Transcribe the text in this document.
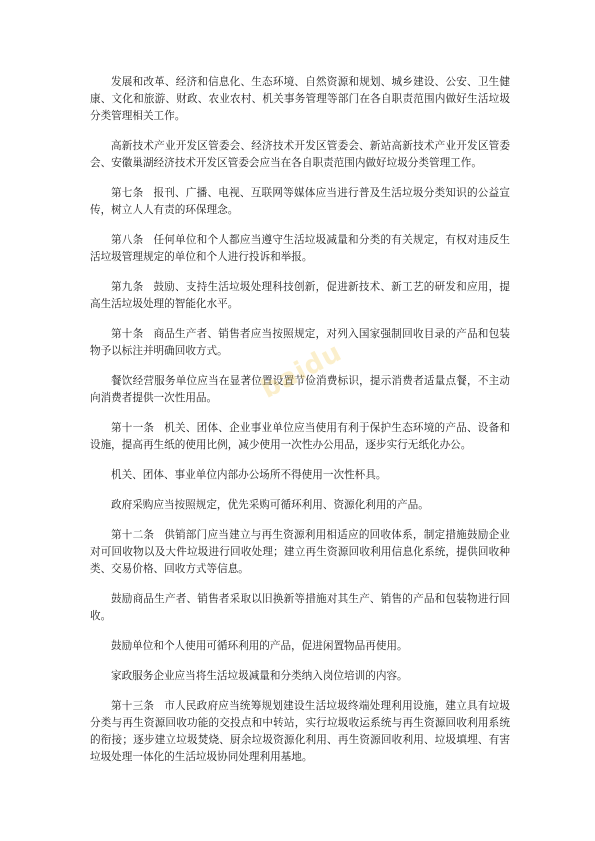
发展和改革、经济和信息化、生态环境、自然资源和规划、城乡建设、公安、卫生健康、文化和旅游、财政、农业农村、机关事务管理等部门在各自职责范围内做好生活垃圾分类管理相关工作。

高新技术产业开发区管委会、经济技术开发区管委会、新站高新技术产业开发区管委会、安徽巢湖经济技术开发区管委会应当在各自职责范围内做好垃圾分类管理工作。

第七条 报刊、广播、电视、互联网等媒体应当进行普及生活垃圾分类知识的公益宣传，树立人人有责的环保理念。

第八条 任何单位和个人都应当遵守生活垃圾减量和分类的有关规定，有权对违反生活垃圾管理规定的单位和个人进行投诉和举报。

第九条 鼓励、支持生活垃圾处理科技创新，促进新技术、新工艺的研发和应用，提高生活垃圾处理的智能化水平。

第十条 商品生产者、销售者应当按照规定，对列入国家强制回收目录的产品和包装物予以标注并明确回收方式。

餐饮经营服务单位应当在显著位置设置节俭消费标识，提示消费者适量点餐，不主动向消费者提供一次性用品。

第十一条 机关、团体、企业事业单位应当使用有利于保护生态环境的产品、设备和设施，提高再生纸的使用比例，减少使用一次性办公用品，逐步实行无纸化办公。

机关、团体、事业单位内部办公场所不得使用一次性杯具。

政府采购应当按照规定，优先采购可循环利用、资源化利用的产品。

第十二条 供销部门应当建立与再生资源利用相适应的回收体系，制定措施鼓励企业对可回收物以及大件垃圾进行回收处理；建立再生资源回收利用信息化系统，提供回收种类、交易价格、回收方式等信息。

鼓励商品生产者、销售者采取以旧换新等措施对其生产、销售的产品和包装物进行回收。

鼓励单位和个人使用可循环利用的产品，促进闲置物品再使用。

家政服务企业应当将生活垃圾减量和分类纳入岗位培训的内容。

第十三条 市人民政府应当统筹规划建设生活垃圾终端处理利用设施，建立具有垃圾分类与再生资源回收功能的交投点和中转站，实行垃圾收运系统与再生资源回收利用系统的衔接；逐步建立垃圾焚烧、厨余垃圾资源化利用、再生资源回收利用、垃圾填埋、有害垃圾处理一体化的生活垃圾协同处理利用基地。

baidu
